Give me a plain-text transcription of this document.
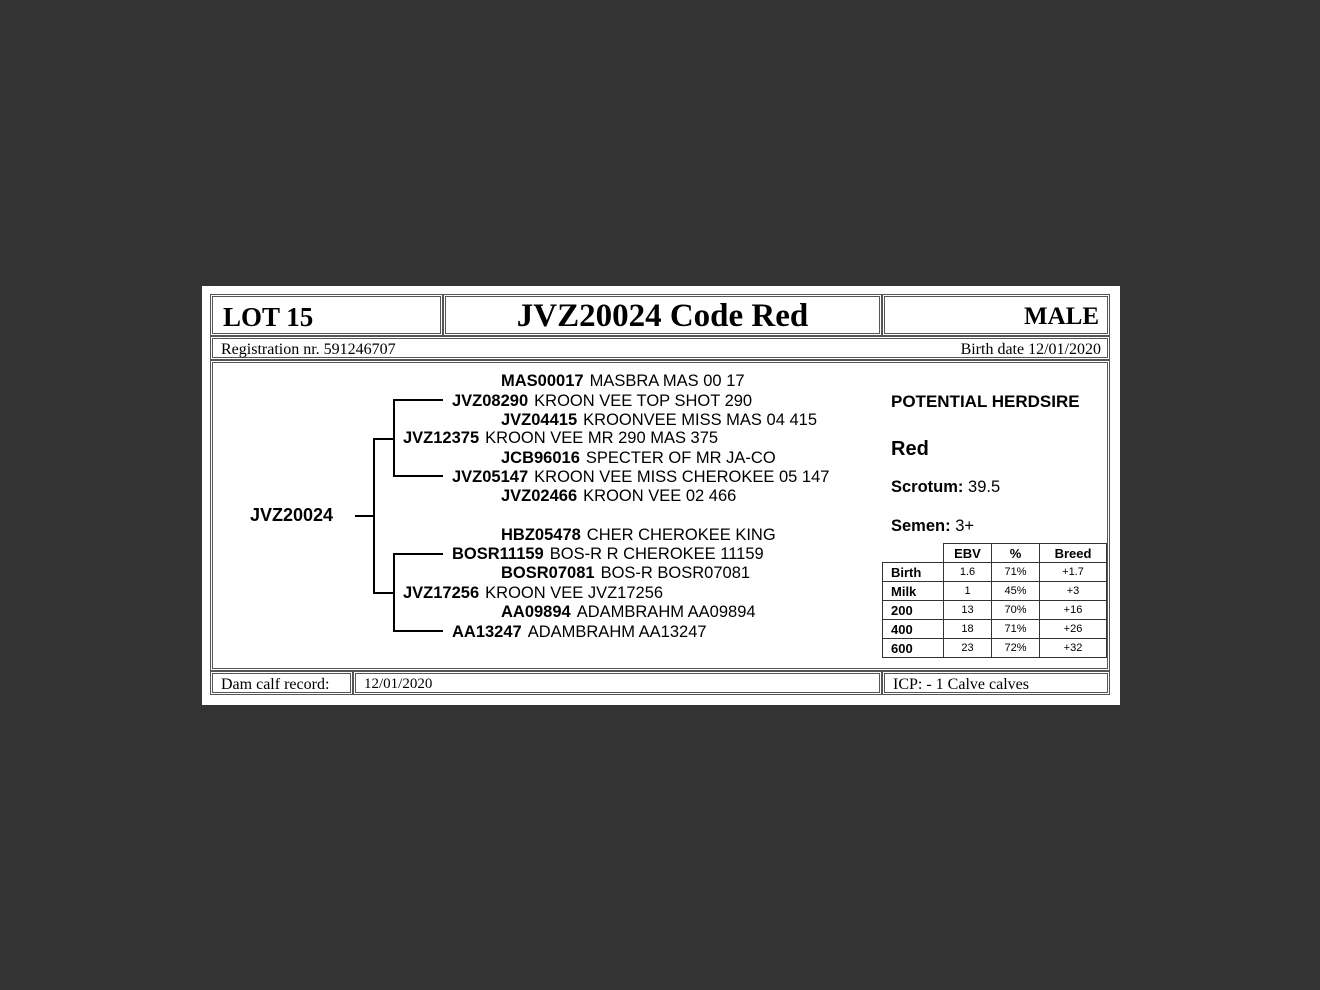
LOT 15	JVZ20024 Code Red	MALE
Registration nr. 591246707	Birth date 12/01/2020
JVZ20024
MAS00017 MASBRA MAS 00 17
JVZ08290 KROON VEE TOP SHOT 290
JVZ04415 KROONVEE MISS MAS 04 415
JVZ12375 KROON VEE MR 290 MAS 375
JCB96016 SPECTER OF MR JA-CO
JVZ05147 KROON VEE MISS CHEROKEE 05 147
JVZ02466 KROON VEE 02 466
HBZ05478 CHER CHEROKEE KING
BOSR11159 BOS-R R CHEROKEE 11159
BOSR07081 BOS-R BOSR07081
JVZ17256 KROON VEE JVZ17256
AA09894 ADAMBRAHM AA09894
AA13247 ADAMBRAHM AA13247
POTENTIAL HERDSIRE
Red
Scrotum: 39.5
Semen: 3+
	EBV	%	Breed
Birth	1.6	71%	+1.7
Milk	1	45%	+3
200	13	70%	+16
400	18	71%	+26
600	23	72%	+32
Dam calf record: 12/01/2020	ICP: - 1 Calve calves
